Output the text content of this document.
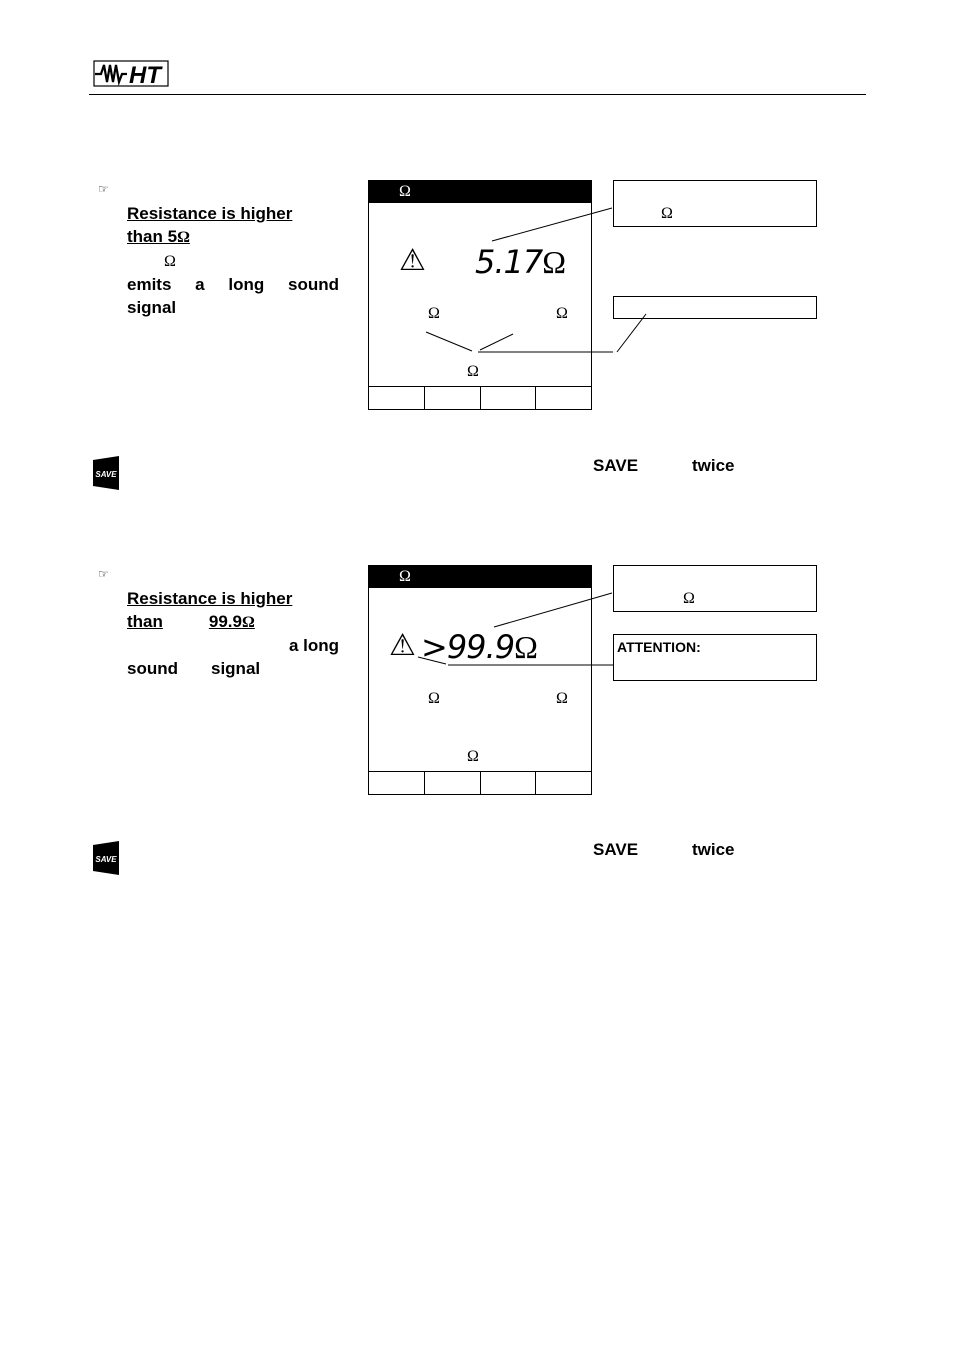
HT
☞
Resistance is higher
than 5Ω
Ω
emits a long sound
signal
Ω
⚠ 5.17Ω
Ω	Ω
Ω
Ω
SAVE	SAVE	twice
☞
Resistance is higher
than	99.9Ω
a long
sound signal
Ω
⚠ >99.9Ω
Ω	Ω
Ω
Ω
ATTENTION:
SAVE
SAVE	twice
